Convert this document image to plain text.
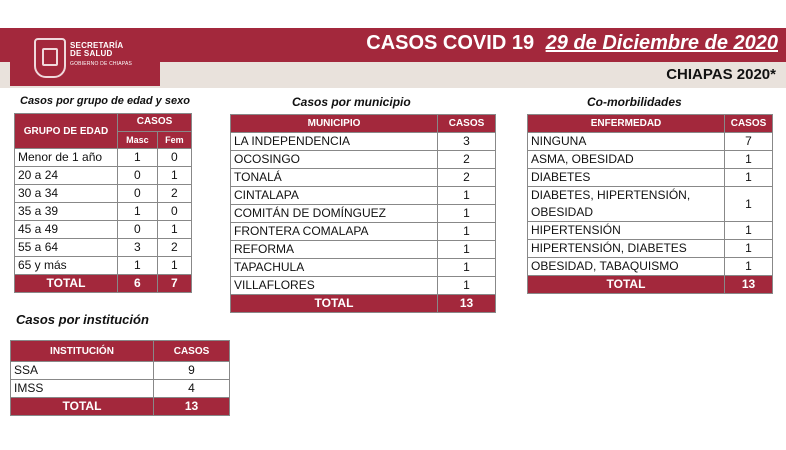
SECRETARÍA
DE SALUD
GOBIERNO DE CHIAPAS
CASOS COVID 19 29 de Diciembre de 2020
CHIAPAS 2020*
Casos por grupo de edad y sexo
GRUPO DE EDAD	CASOS	
	Masc	Fem
Menor de 1 año	1	0
20 a 24	0	1
30 a 34	0	2
35 a 39	1	0
45 a 49	0	1
55 a 64	3	2
65 y más	1	1
TOTAL	6	7
Casos por municipio
MUNICIPIO	CASOS
LA INDEPENDENCIA	3
OCOSINGO	2
TONALÁ	2
CINTALAPA	1
COMITÁN DE DOMÍNGUEZ	1
FRONTERA COMALAPA	1
REFORMA	1
TAPACHULA	1
VILLAFLORES	1
TOTAL	13
Co-morbilidades
ENFERMEDAD	CASOS
NINGUNA	7
ASMA, OBESIDAD	1
DIABETES	1
DIABETES, HIPERTENSIÓN, OBESIDAD	1
HIPERTENSIÓN	1
HIPERTENSIÓN, DIABETES	1
OBESIDAD, TABAQUISMO	1
TOTAL	13
Casos por institución
INSTITUCIÓN	CASOS
SSA	9
IMSS	4
TOTAL	13
